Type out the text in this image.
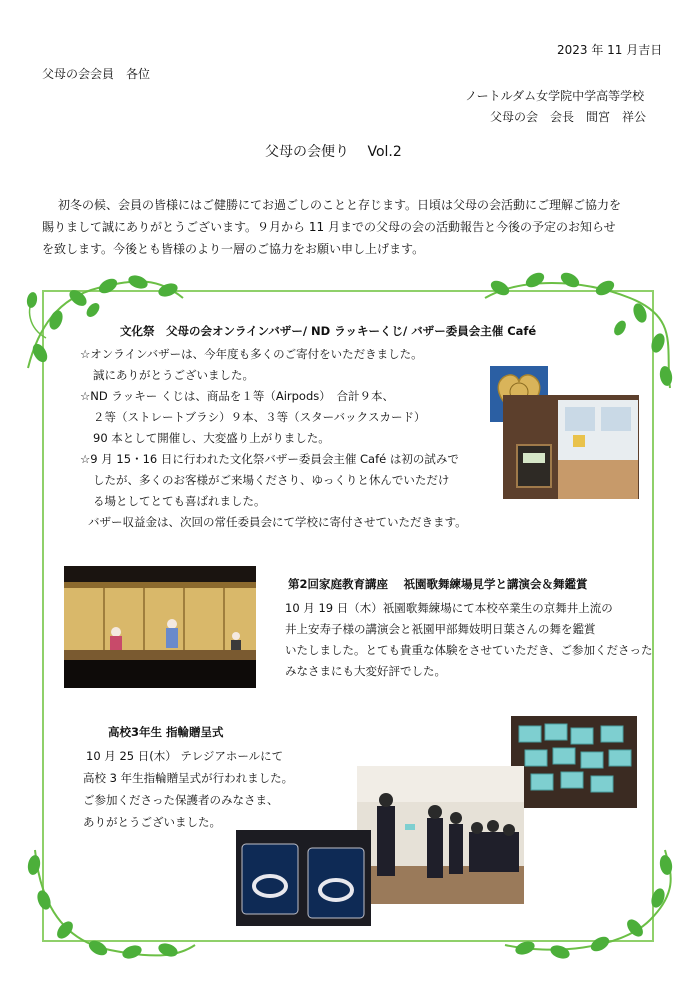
2023 年 11 月吉日
父母の会会員　各位
ノートルダム女学院中学高等学校
父母の会　会長　間宮　祥公
父母の会便り　 Vol.2
初冬の候、会員の皆様にはご健勝にてお過ごしのことと存じます。日頃は父母の会活動にご理解ご協力を
賜りまして誠にありがとうございます。９月から 11 月までの父母の会の活動報告と今後の予定のお知らせ
を致します。今後とも皆様のより一層のご協力をお願い申し上げます。
文化祭　父母の会オンラインバザー/ ND ラッキーくじ/ バザー委員会主催 Café
☆オンラインバザーは、今年度も多くのご寄付をいただきました。
誠にありがとうございました。
☆ND ラッキー くじは、商品を１等（Airpods）　合計９本、
２等（ストレートブラシ）９本、３等（スターバックスカード）
90 本として開催し、大変盛り上がりました。
☆9 月 15・16 日に行われた文化祭バザー委員会主催 Café は初の試みで
したが、多くのお客様がご来場くださり、ゆっくりと休んでいただけ
る場としてとても喜ばれました。
バザー収益金は、次回の常任委員会にて学校に寄付させていただきます。
第2回家庭教育講座　 祇園歌舞練場見学と講演会＆舞鑑賞
10 月 19 日（木）祇園歌舞練場にて本校卒業生の京舞井上流の
井上安寿子様の講演会と祇園甲部舞妓明日葉さんの舞を鑑賞
いたしました。とても貴重な体験をさせていただき、ご参加くださった
みなさまにも大変好評でした。
高校3年生 指輪贈呈式
10 月 25 日(木） テレジアホールにて
高校 3 年生指輪贈呈式が行われました。
ご参加くださった保護者のみなさま、
ありがとうございました。
